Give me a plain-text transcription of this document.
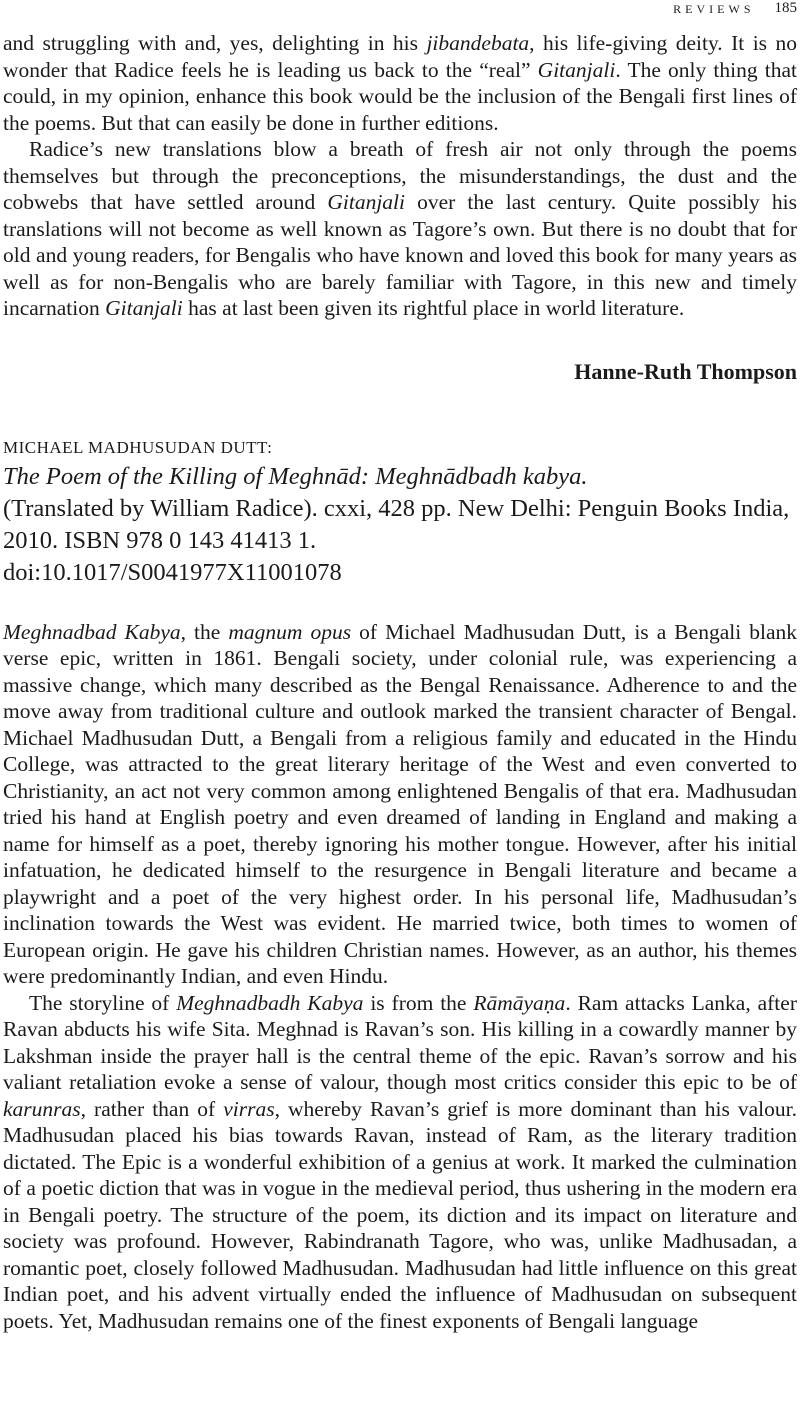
REVIEWS 185

and struggling with and, yes, delighting in his jibandebata, his life-giving deity. It is no wonder that Radice feels he is leading us back to the “real” Gitanjali. The only thing that could, in my opinion, enhance this book would be the inclusion of the Bengali first lines of the poems. But that can easily be done in further editions.

Radice’s new translations blow a breath of fresh air not only through the poems themselves but through the preconceptions, the misunderstandings, the dust and the cobwebs that have settled around Gitanjali over the last century. Quite possibly his translations will not become as well known as Tagore’s own. But there is no doubt that for old and young readers, for Bengalis who have known and loved this book for many years as well as for non-Bengalis who are barely familiar with Tagore, in this new and timely incarnation Gitanjali has at last been given its rightful place in world literature.

Hanne-Ruth Thompson
MICHAEL MADHUSUDAN DUTT:
The Poem of the Killing of Meghnād: Meghnādbadh kabya.
(Translated by William Radice). cxxi, 428 pp. New Delhi: Penguin Books India, 2010. ISBN 978 0 143 41413 1.
doi:10.1017/S0041977X11001078

Meghnadbad Kabya, the magnum opus of Michael Madhusudan Dutt, is a Bengali blank verse epic, written in 1861. Bengali society, under colonial rule, was experiencing a massive change, which many described as the Bengal Renaissance. Adherence to and the move away from traditional culture and outlook marked the transient character of Bengal. Michael Madhusudan Dutt, a Bengali from a religious family and educated in the Hindu College, was attracted to the great literary heritage of the West and even converted to Christianity, an act not very common among enlightened Bengalis of that era. Madhusudan tried his hand at English poetry and even dreamed of landing in England and making a name for himself as a poet, thereby ignoring his mother tongue. However, after his initial infatuation, he dedicated himself to the resurgence in Bengali literature and became a playwright and a poet of the very highest order. In his personal life, Madhusudan’s inclination towards the West was evident. He married twice, both times to women of European origin. He gave his children Christian names. However, as an author, his themes were predominantly Indian, and even Hindu.

The storyline of Meghnadbadh Kabya is from the Rāmāyaṇa. Ram attacks Lanka, after Ravan abducts his wife Sita. Meghnad is Ravan’s son. His killing in a cowardly manner by Lakshman inside the prayer hall is the central theme of the epic. Ravan’s sorrow and his valiant retaliation evoke a sense of valour, though most critics consider this epic to be of karunras, rather than of virras, whereby Ravan’s grief is more dominant than his valour. Madhusudan placed his bias towards Ravan, instead of Ram, as the literary tradition dictated. The Epic is a wonderful exhibition of a genius at work. It marked the culmination of a poetic diction that was in vogue in the medieval period, thus ushering in the modern era in Bengali poetry. The structure of the poem, its diction and its impact on literature and society was profound. However, Rabindranath Tagore, who was, unlike Madhusadan, a romantic poet, closely followed Madhusudan. Madhusudan had little influence on this great Indian poet, and his advent virtually ended the influence of Madhusudan on subsequent poets. Yet, Madhusudan remains one of the finest exponents of Bengali language
